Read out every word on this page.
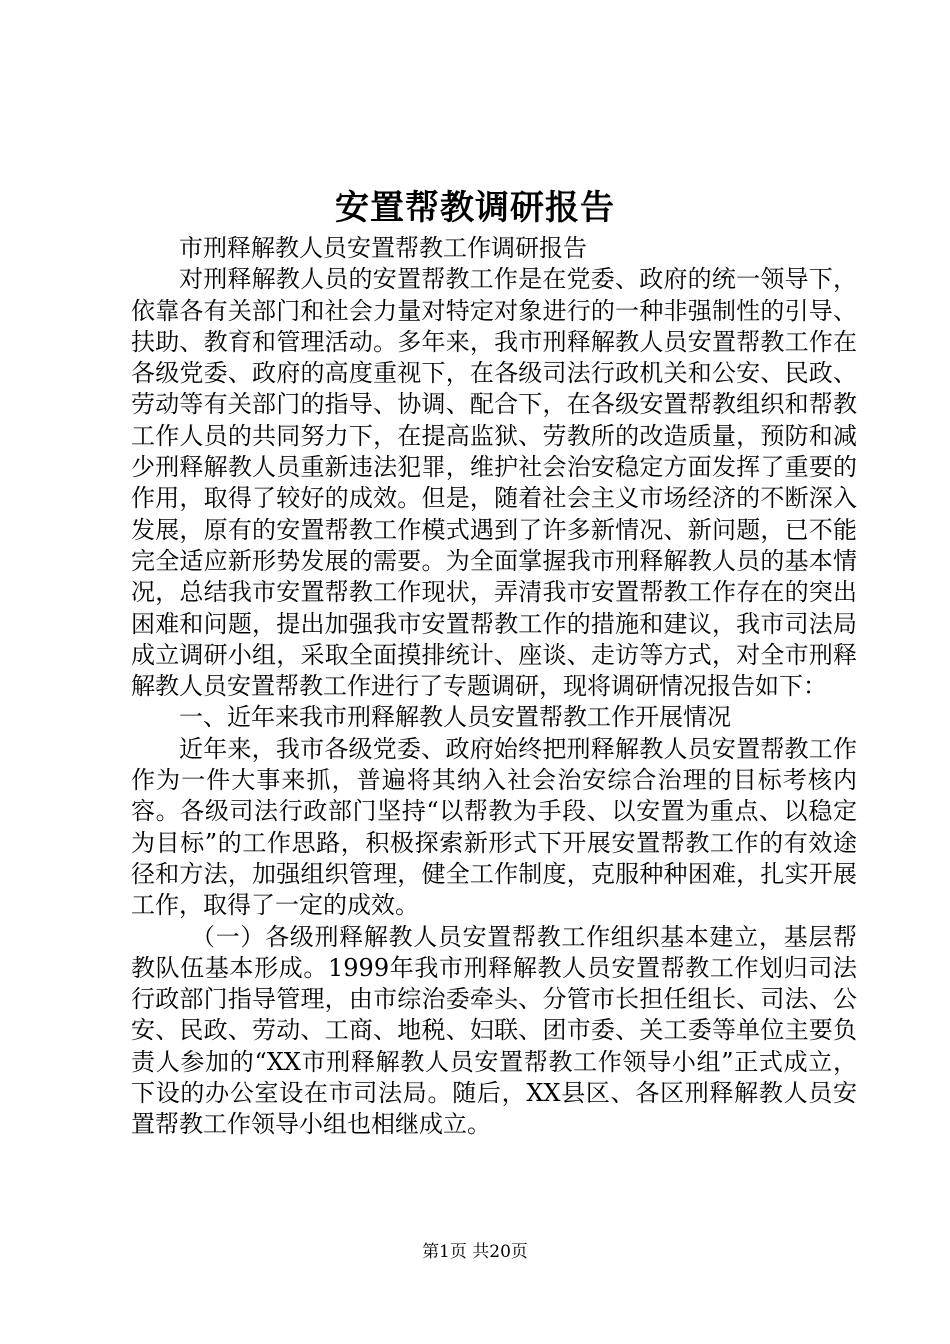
安置帮教调研报告

市刑释解教人员安置帮教工作调研报告

对刑释解教人员的安置帮教工作是在党委、政府的统一领导下，依靠各有关部门和社会力量对特定对象进行的一种非强制性的引导、扶助、教育和管理活动。多年来，我市刑释解教人员安置帮教工作在各级党委、政府的高度重视下，在各级司法行政机关和公安、民政、劳动等有关部门的指导、协调、配合下，在各级安置帮教组织和帮教工作人员的共同努力下，在提高监狱、劳教所的改造质量，预防和减少刑释解教人员重新违法犯罪，维护社会治安稳定方面发挥了重要的作用，取得了较好的成效。但是，随着社会主义市场经济的不断深入发展，原有的安置帮教工作模式遇到了许多新情况、新问题，已不能完全适应新形势发展的需要。为全面掌握我市刑释解教人员的基本情况，总结我市安置帮教工作现状，弄清我市安置帮教工作存在的突出困难和问题，提出加强我市安置帮教工作的措施和建议，我市司法局成立调研小组，采取全面摸排统计、座谈、走访等方式，对全市刑释解教人员安置帮教工作进行了专题调研，现将调研情况报告如下：

一、近年来我市刑释解教人员安置帮教工作开展情况

近年来，我市各级党委、政府始终把刑释解教人员安置帮教工作作为一件大事来抓，普遍将其纳入社会治安综合治理的目标考核内容。各级司法行政部门坚持“以帮教为手段、以安置为重点、以稳定为目标”的工作思路，积极探索新形式下开展安置帮教工作的有效途径和方法，加强组织管理，健全工作制度，克服种种困难，扎实开展工作，取得了一定的成效。

（一）各级刑释解教人员安置帮教工作组织基本建立，基层帮教队伍基本形成。1999年我市刑释解教人员安置帮教工作划归司法行政部门指导管理，由市综治委牵头、分管市长担任组长、司法、公安、民政、劳动、工商、地税、妇联、团市委、关工委等单位主要负责人参加的“XX市刑释解教人员安置帮教工作领导小组”正式成立，下设的办公室设在市司法局。随后，XX县区、各区刑释解教人员安置帮教工作领导小组也相继成立。

第1页 共20页
